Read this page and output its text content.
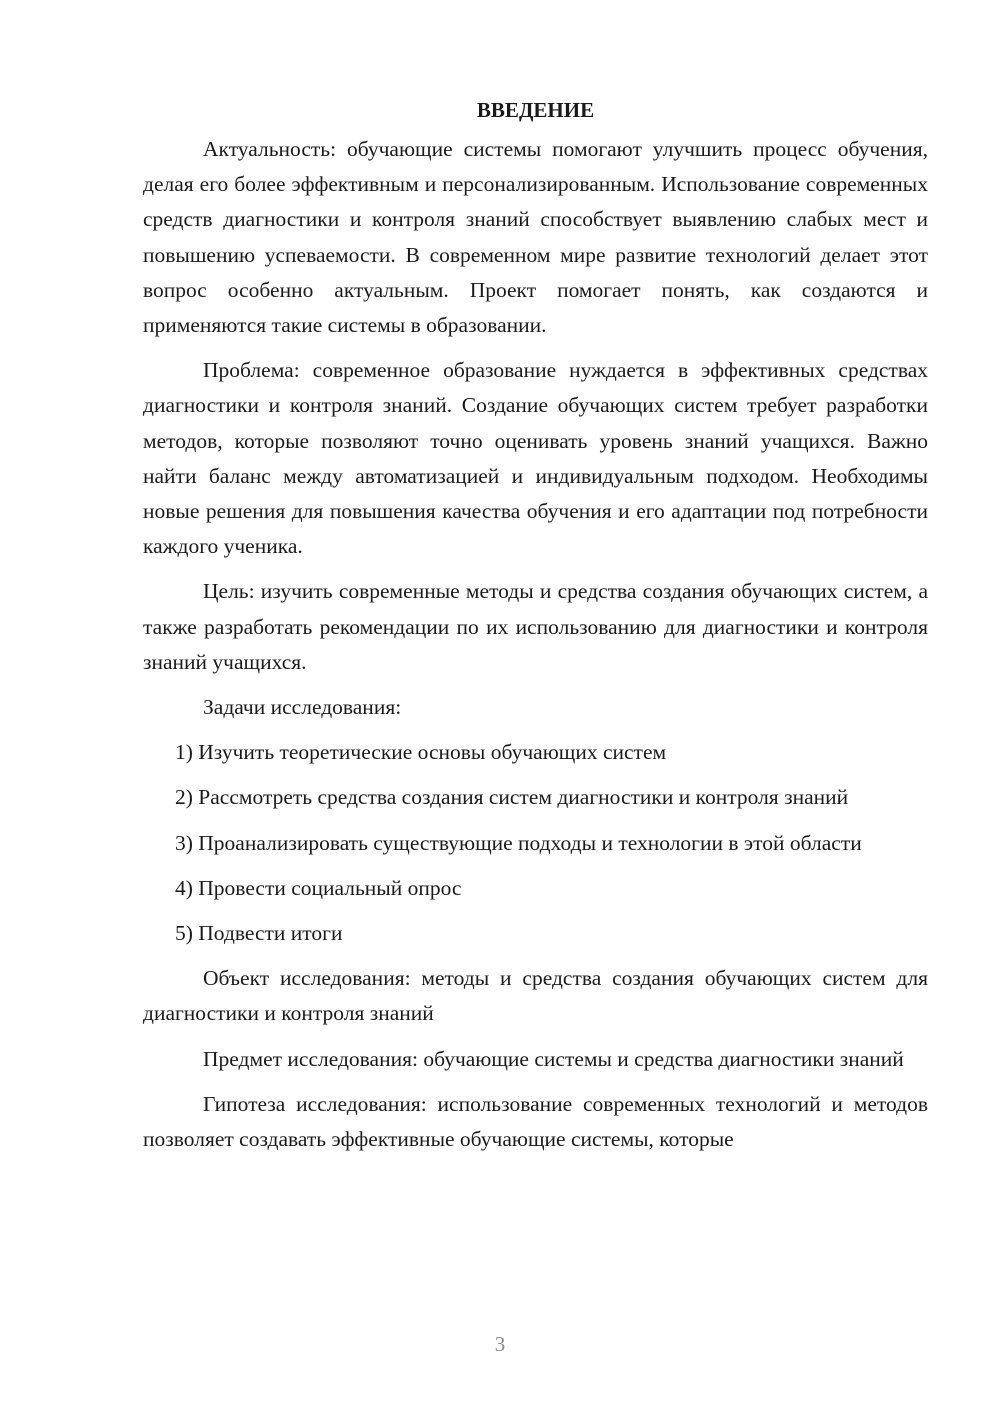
ВВЕДЕНИЕ

Актуальность: обучающие системы помогают улучшить процесс обучения, делая его более эффективным и персонализированным. Использование современных средств диагностики и контроля знаний способствует выявлению слабых мест и повышению успеваемости. В современном мире развитие технологий делает этот вопрос особенно актуальным. Проект помогает понять, как создаются и применяются такие системы в образовании.

Проблема: современное образование нуждается в эффективных средствах диагностики и контроля знаний. Создание обучающих систем требует разработки методов, которые позволяют точно оценивать уровень знаний учащихся. Важно найти баланс между автоматизацией и индивидуальным подходом. Необходимы новые решения для повышения качества обучения и его адаптации под потребности каждого ученика.

Цель: изучить современные методы и средства создания обучающих систем, а также разработать рекомендации по их использованию для диагностики и контроля знаний учащихся.

Задачи исследования:

1) Изучить теоретические основы обучающих систем

2) Рассмотреть средства создания систем диагностики и контроля знаний

3) Проанализировать существующие подходы и технологии в этой области

4) Провести социальный опрос

5) Подвести итоги

Объект исследования: методы и средства создания обучающих систем для диагностики и контроля знаний

Предмет исследования: обучающие системы и средства диагностики знаний

Гипотеза исследования: использование современных технологий и методов позволяет создавать эффективные обучающие системы, которые

3
